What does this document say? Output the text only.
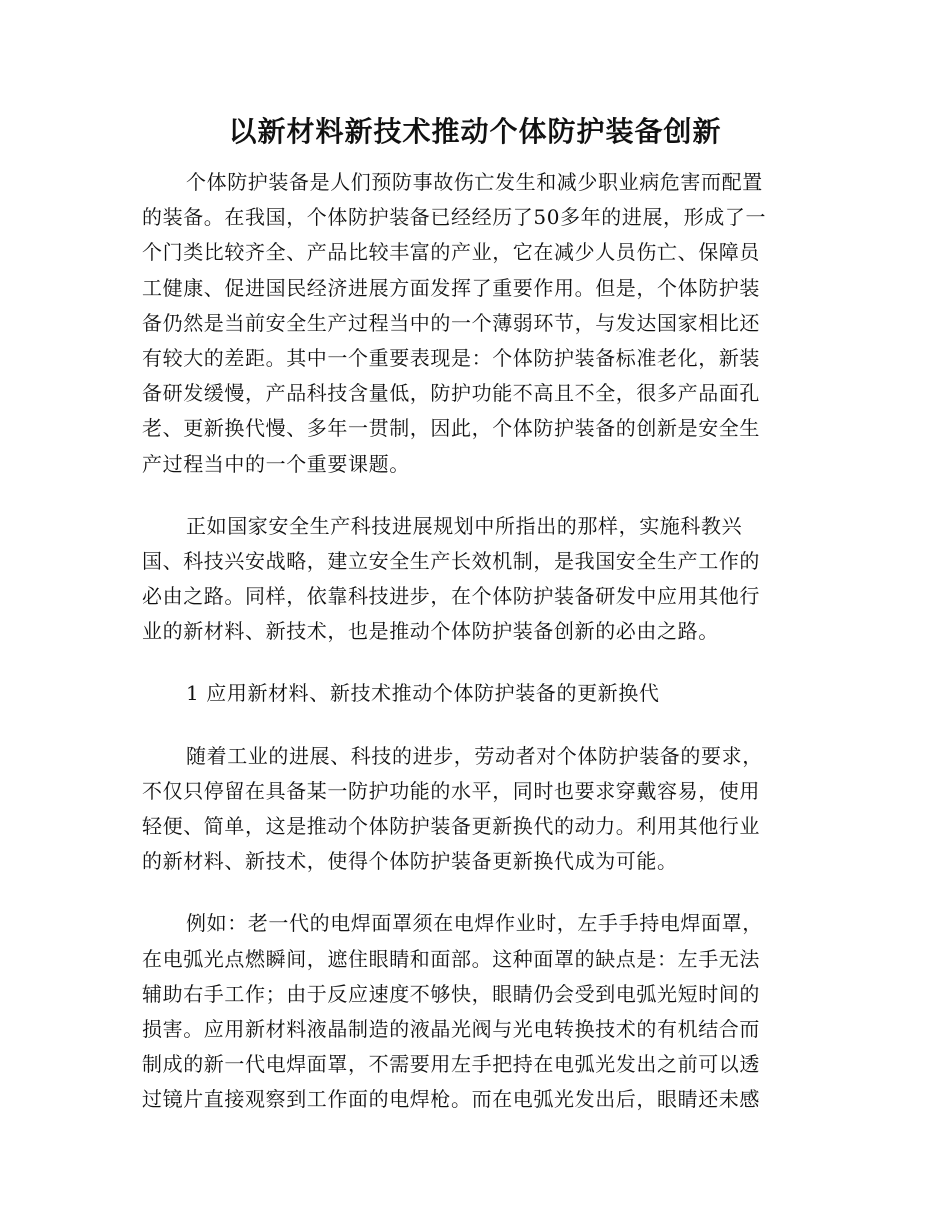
以新材料新技术推动个体防护装备创新
个体防护装备是人们预防事故伤亡发生和减少职业病危害而配置
的装备。在我国，个体防护装备已经经历了50多年的进展，形成了一
个门类比较齐全、产品比较丰富的产业，它在减少人员伤亡、保障员
工健康、促进国民经济进展方面发挥了重要作用。但是，个体防护装
备仍然是当前安全生产过程当中的一个薄弱环节，与发达国家相比还
有较大的差距。其中一个重要表现是：个体防护装备标准老化，新装
备研发缓慢，产品科技含量低，防护功能不高且不全，很多产品面孔
老、更新换代慢、多年一贯制，因此，个体防护装备的创新是安全生
产过程当中的一个重要课题。
正如国家安全生产科技进展规划中所指出的那样，实施科教兴
国、科技兴安战略，建立安全生产长效机制，是我国安全生产工作的
必由之路。同样，依靠科技进步，在个体防护装备研发中应用其他行
业的新材料、新技术，也是推动个体防护装备创新的必由之路。
1 应用新材料、新技术推动个体防护装备的更新换代
随着工业的进展、科技的进步，劳动者对个体防护装备的要求，
不仅只停留在具备某一防护功能的水平，同时也要求穿戴容易，使用
轻便、简单，这是推动个体防护装备更新换代的动力。利用其他行业
的新材料、新技术，使得个体防护装备更新换代成为可能。
例如：老一代的电焊面罩须在电焊作业时，左手手持电焊面罩，
在电弧光点燃瞬间，遮住眼睛和面部。这种面罩的缺点是：左手无法
辅助右手工作；由于反应速度不够快，眼睛仍会受到电弧光短时间的
损害。应用新材料液晶制造的液晶光阀与光电转换技术的有机结合而
制成的新一代电焊面罩，不需要用左手把持在电弧光发出之前可以透
过镜片直接观察到工作面的电焊枪。而在电弧光发出后，眼睛还未感
